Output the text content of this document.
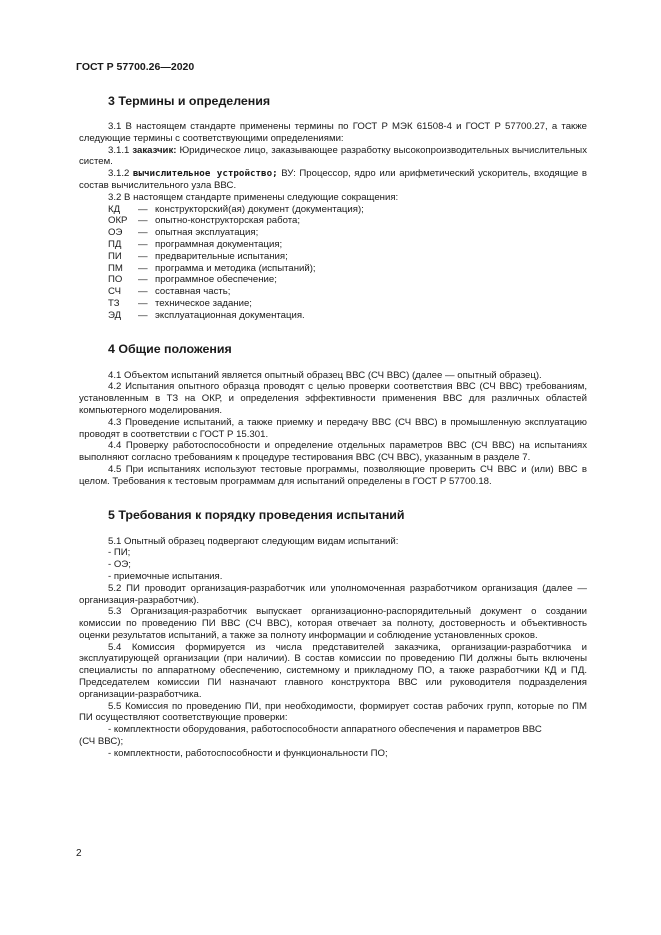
ГОСТ Р 57700.26—2020
3 Термины и определения

3.1 В настоящем стандарте применены термины по ГОСТ Р МЭК 61508-4 и ГОСТ Р 57700.27, а также следующие термины с соответствующими определениями:

3.1.1 заказчик: Юридическое лицо, заказывающее разработку высокопроизводительных вычислительных систем.

3.1.2 вычислительное устройство; ВУ: Процессор, ядро или арифметический ускоритель, входящие в состав вычислительного узла ВВС.

3.2 В настоящем стандарте применены следующие сокращения:

КД	— конструкторский(ая) документ (документация);
ОКР	— опытно-конструкторская работа;
ОЭ	— опытная эксплуатация;
ПД	— программная документация;
ПИ	— предварительные испытания;
ПМ	— программа и методика (испытаний);
ПО	— программное обеспечение;
СЧ	— составная часть;
ТЗ	— техническое задание;
ЭД	— эксплуатационная документация.
4 Общие положения

4.1 Объектом испытаний является опытный образец ВВС (СЧ ВВС) (далее — опытный образец).

4.2 Испытания опытного образца проводят с целью проверки соответствия ВВС (СЧ ВВС) требованиям, установленным в ТЗ на ОКР, и определения эффективности применения ВВС для различных областей компьютерного моделирования.

4.3 Проведение испытаний, а также приемку и передачу ВВС (СЧ ВВС) в промышленную эксплуатацию проводят в соответствии с ГОСТ Р 15.301.

4.4 Проверку работоспособности и определение отдельных параметров ВВС (СЧ ВВС) на испытаниях выполняют согласно требованиям к процедуре тестирования ВВС (СЧ ВВС), указанным в разделе 7.

4.5 При испытаниях используют тестовые программы, позволяющие проверить СЧ ВВС и (или) ВВС в целом. Требования к тестовым программам для испытаний определены в ГОСТ Р 57700.18.

5 Требования к порядку проведения испытаний

5.1 Опытный образец подвергают следующим видам испытаний:

- ПИ;

- ОЭ;

- приемочные испытания.

5.2 ПИ проводит организация-разработчик или уполномоченная разработчиком организация (далее — организация-разработчик).

5.3 Организация-разработчик выпускает организационно-распорядительный документ о создании комиссии по проведению ПИ ВВС (СЧ ВВС), которая отвечает за полноту, достоверность и объективность оценки результатов испытаний, а также за полноту информации и соблюдение установленных сроков.

5.4 Комиссия формируется из числа представителей заказчика, организации-разработчика и эксплуатирующей организации (при наличии). В состав комиссии по проведению ПИ должны быть включены специалисты по аппаратному обеспечению, системному и прикладному ПО, а также разработчики КД и ПД. Председателем комиссии ПИ назначают главного конструктора ВВС или руководителя подразделения организации-разработчика.

5.5 Комиссия по проведению ПИ, при необходимости, формирует состав рабочих групп, которые по ПМ ПИ осуществляют соответствующие проверки:

- комплектности оборудования, работоспособности аппаратного обеспечения и параметров ВВС

(СЧ ВВС);

- комплектности, работоспособности и функциональности ПО;

2
